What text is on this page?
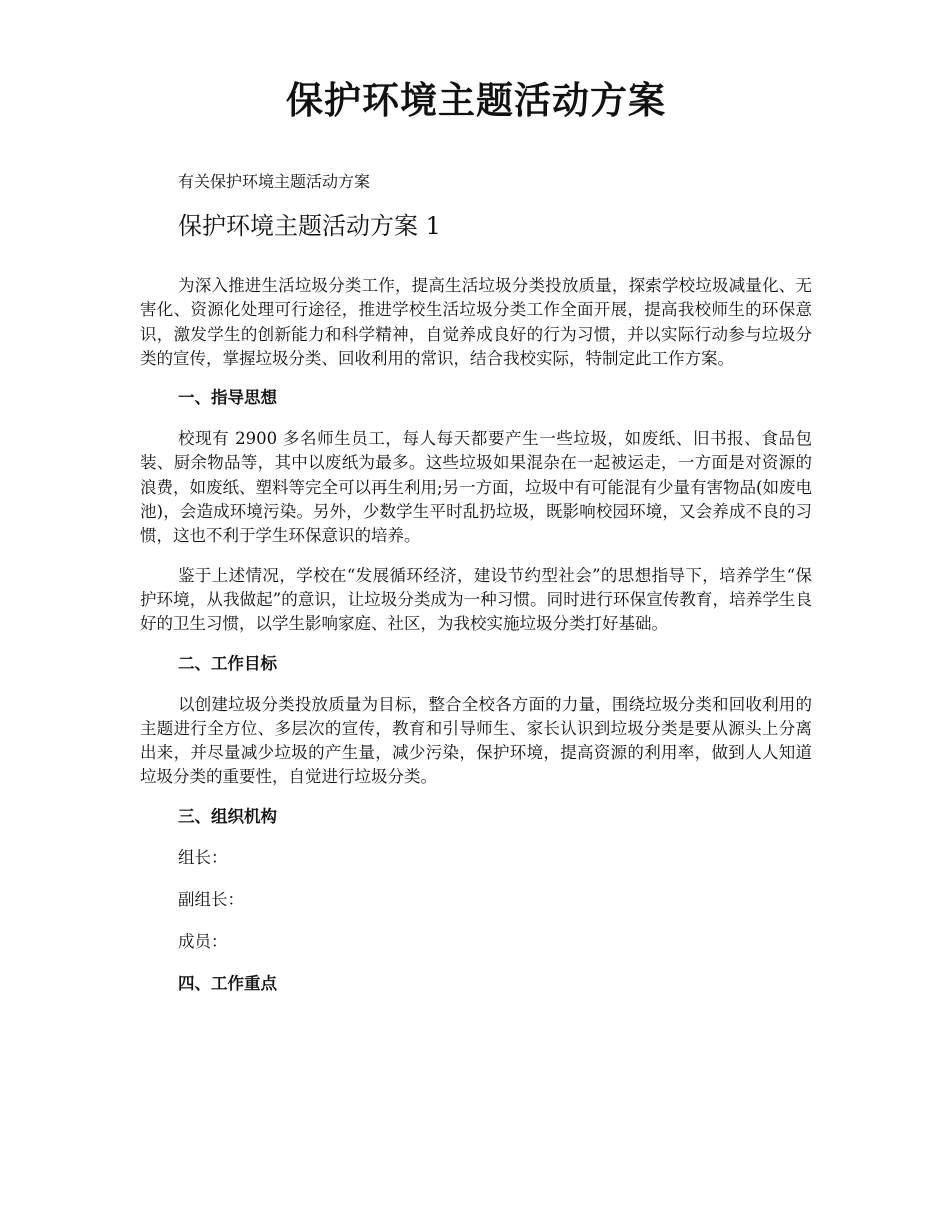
保护环境主题活动方案

有关保护环境主题活动方案

保护环境主题活动方案 1

为深入推进生活垃圾分类工作，提高生活垃圾分类投放质量，探索学校垃圾减量化、无害化、资源化处理可行途径，推进学校生活垃圾分类工作全面开展，提高我校师生的环保意识，激发学生的创新能力和科学精神，自觉养成良好的行为习惯，并以实际行动参与垃圾分类的宣传，掌握垃圾分类、回收利用的常识，结合我校实际，特制定此工作方案。

一、指导思想

校现有 2900 多名师生员工，每人每天都要产生一些垃圾，如废纸、旧书报、食品包装、厨余物品等，其中以废纸为最多。这些垃圾如果混杂在一起被运走，一方面是对资源的浪费，如废纸、塑料等完全可以再生利用;另一方面，垃圾中有可能混有少量有害物品(如废电池)，会造成环境污染。另外，少数学生平时乱扔垃圾，既影响校园环境，又会养成不良的习惯，这也不利于学生环保意识的培养。

鉴于上述情况，学校在“发展循环经济，建设节约型社会”的思想指导下，培养学生“保护环境，从我做起”的意识，让垃圾分类成为一种习惯。同时进行环保宣传教育，培养学生良好的卫生习惯，以学生影响家庭、社区，为我校实施垃圾分类打好基础。

二、工作目标

以创建垃圾分类投放质量为目标，整合全校各方面的力量，围绕垃圾分类和回收利用的主题进行全方位、多层次的宣传，教育和引导师生、家长认识到垃圾分类是要从源头上分离出来，并尽量减少垃圾的产生量，减少污染，保护环境，提高资源的利用率，做到人人知道垃圾分类的重要性，自觉进行垃圾分类。

三、组织机构

组长：

副组长：

成员：

四、工作重点
